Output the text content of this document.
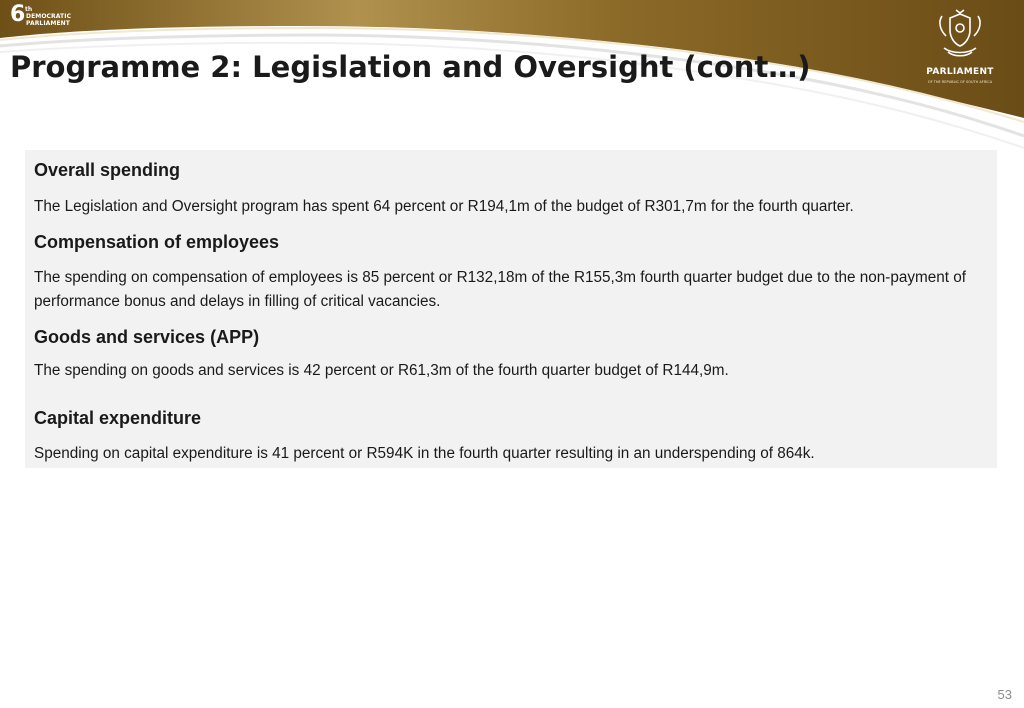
6 th
DEMOCRATIC
PARLIAMENT
Programme 2: Legislation and Oversight (cont…)	PARLIAMENT
OF THE REPUBLIC OF SOUTH AFRICA
Overall spending

The Legislation and Oversight program has spent 64 percent or R194,1m of the budget of R301,7m for the fourth quarter.

Compensation of employees

The spending on compensation of employees is 85 percent or R132,18m of the R155,3m fourth quarter budget due to the non-payment of performance bonus and delays in filling of critical vacancies.

Goods and services (APP)

The spending on goods and services is 42 percent or R61,3m of the fourth quarter budget of R144,9m.

Capital expenditure

Spending on capital expenditure is 41 percent or R594K in the fourth quarter resulting in an underspending of 864k.

53
